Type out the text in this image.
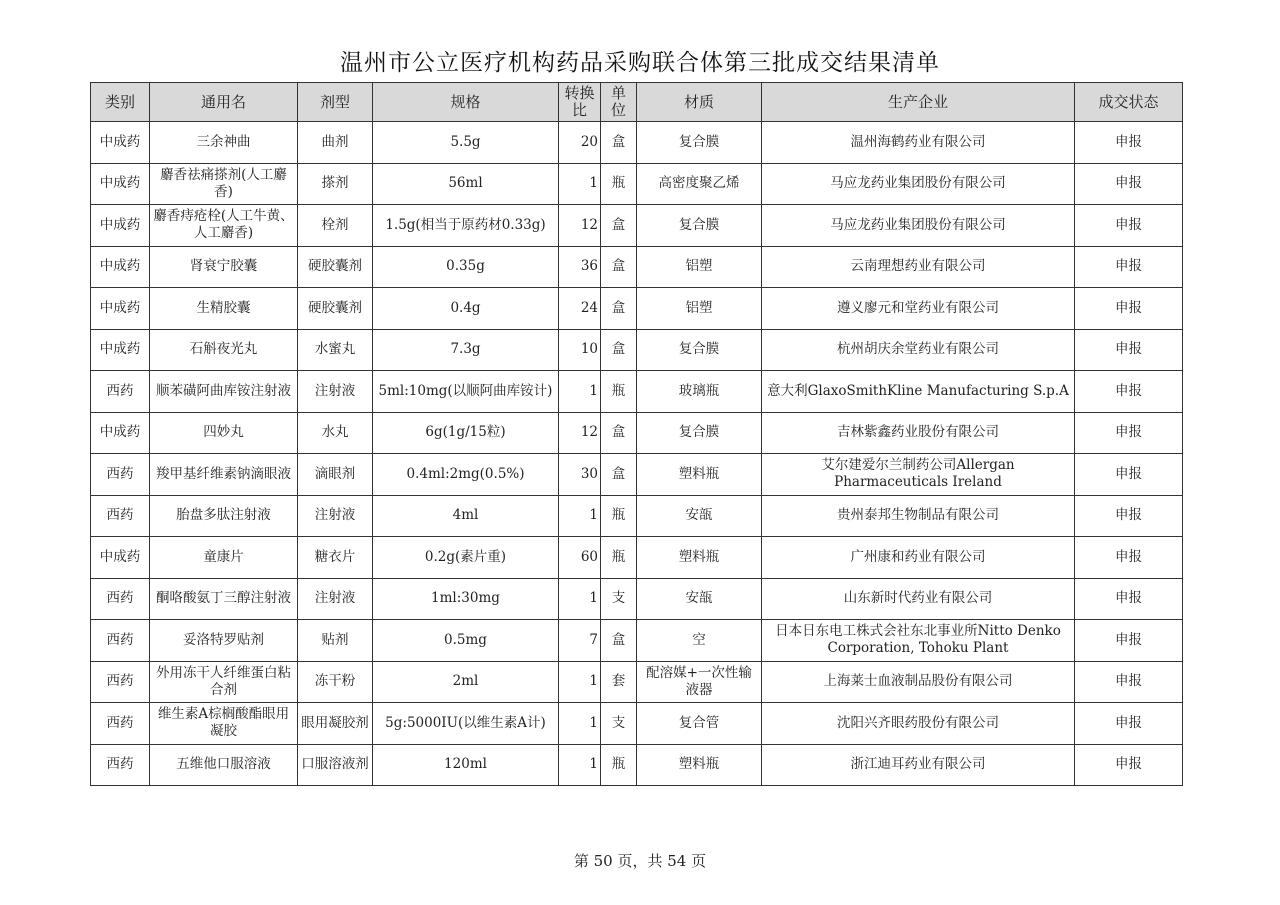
温州市公立医疗机构药品采购联合体第三批成交结果清单
类别	通用名	剂型	规格	转换比	单位	材质	生产企业	成交状态
中成药	三余神曲	曲剂	5.5g	20	盒	复合膜	温州海鹤药业有限公司	申报
中成药	麝香祛痛搽剂(人工麝香)	搽剂	56ml	1	瓶	高密度聚乙烯	马应龙药业集团股份有限公司	申报
中成药	麝香痔疮栓(人工牛黄、人工麝香)	栓剂	1.5g(相当于原药材0.33g)	12	盒	复合膜	马应龙药业集团股份有限公司	申报
中成药	肾衰宁胶囊	硬胶囊剂	0.35g	36	盒	铝塑	云南理想药业有限公司	申报
中成药	生精胶囊	硬胶囊剂	0.4g	24	盒	铝塑	遵义廖元和堂药业有限公司	申报
中成药	石斛夜光丸	水蜜丸	7.3g	10	盒	复合膜	杭州胡庆余堂药业有限公司	申报
西药	顺苯磺阿曲库铵注射液	注射液	5ml:10mg(以顺阿曲库铵计)	1	瓶	玻璃瓶	意大利GlaxoSmithKline Manufacturing S.p.A	申报
中成药	四妙丸	水丸	6g(1g/15粒)	12	盒	复合膜	吉林紫鑫药业股份有限公司	申报
西药	羧甲基纤维素钠滴眼液	滴眼剂	0.4ml:2mg(0.5%)	30	盒	塑料瓶	艾尔建爱尔兰制药公司Allergan Pharmaceuticals Ireland	申报
西药	胎盘多肽注射液	注射液	4ml	1	瓶	安瓿	贵州泰邦生物制品有限公司	申报
中成药	童康片	糖衣片	0.2g(素片重)	60	瓶	塑料瓶	广州康和药业有限公司	申报
西药	酮咯酸氨丁三醇注射液	注射液	1ml:30mg	1	支	安瓿	山东新时代药业有限公司	申报
西药	妥洛特罗贴剂	贴剂	0.5mg	7	盒	空	日本日东电工株式会社东北事业所Nitto Denko Corporation, Tohoku Plant	申报
西药	外用冻干人纤维蛋白粘合剂	冻干粉	2ml	1	套	配溶媒+一次性输液器	上海莱士血液制品股份有限公司	申报
西药	维生素A棕榈酸酯眼用凝胶	眼用凝胶剂	5g:5000IU(以维生素A计)	1	支	复合管	沈阳兴齐眼药股份有限公司	申报
西药	五维他口服溶液	口服溶液剂	120ml	1	瓶	塑料瓶	浙江迪耳药业有限公司	申报
第 50 页，共 54 页
